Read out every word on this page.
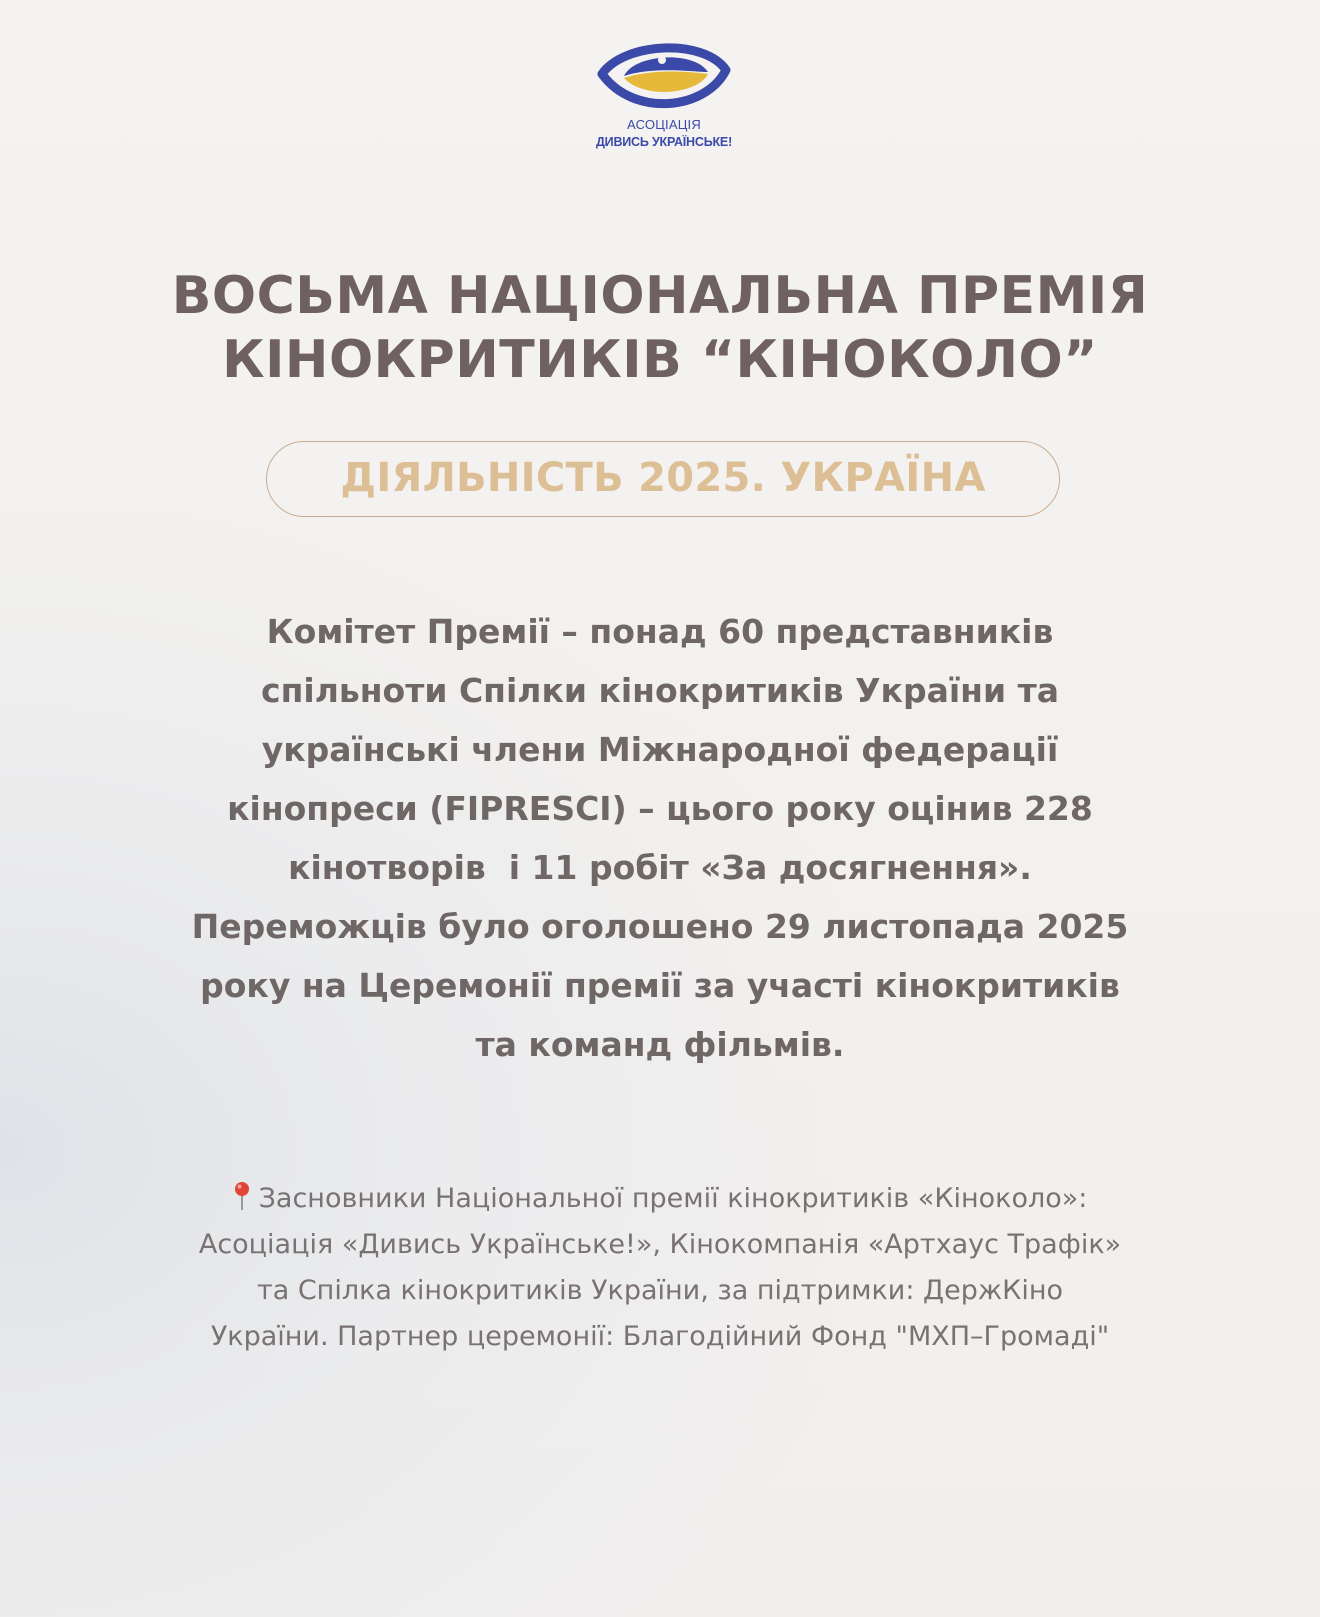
АСОЦІАЦІЯ
ДИВИСЬ УКРАЇНСЬКЕ!
ВОСЬМА НАЦІОНАЛЬНА ПРЕМІЯ
КІНОКРИТИКІВ “КІНОКОЛО”
ДІЯЛЬНІСТЬ 2025. УКРАЇНА
Комітет Премії – понад 60 представників
спільноти Спілки кінокритиків України та
українські члени Міжнародної федерації
кінопреси (FIPRESCI) – цього року оцінив 228
кінотворів  і 11 робіт «За досягнення».
Переможців було оголошено 29 листопада 2025
року на Церемонії премії за участі кінокритиків
та команд фільмів.
Засновники Національної премії кінокритиків «Кіноколо»:
Асоціація «Дивись Українське!», Кінокомпанія «Артхаус Трафік»
та Спілка кінокритиків України, за підтримки: ДержКіно
України. Партнер церемонії: Благодійний Фонд "МХП–Громаді"
